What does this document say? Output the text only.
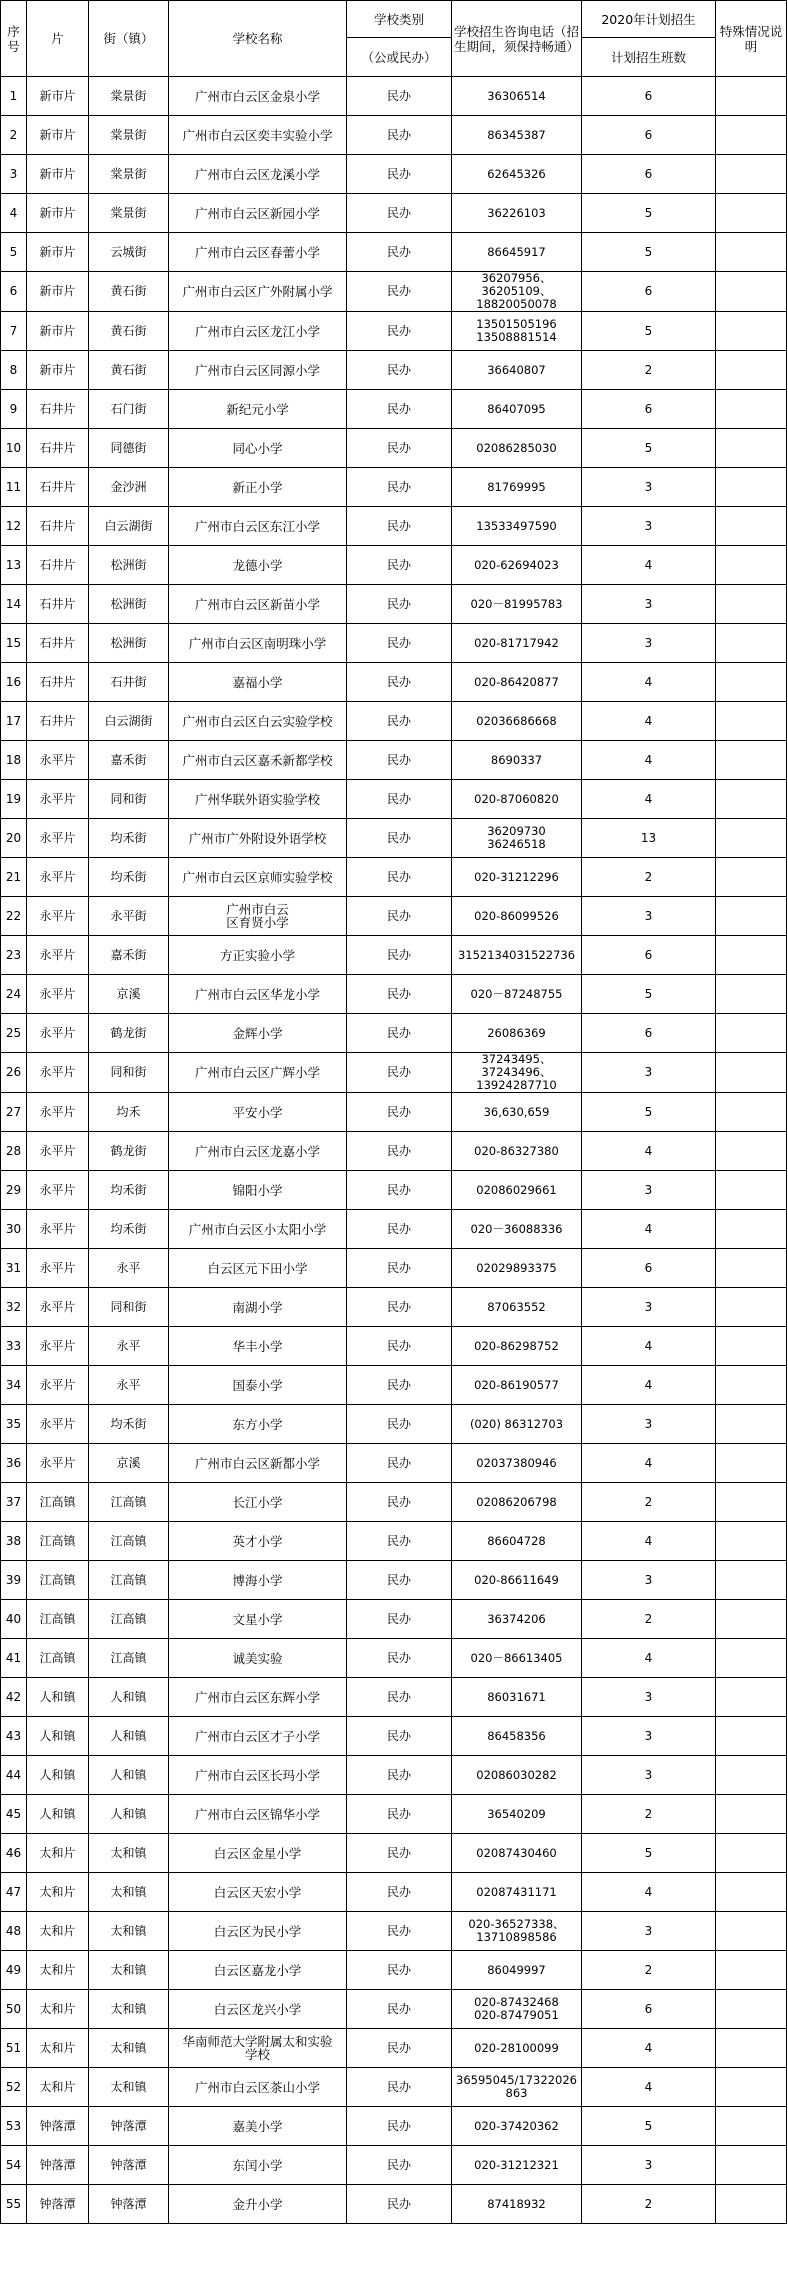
序号	片	街（镇）	学校名称	学校类别	学校招生咨询电话（招生期间，须保持畅通）	2020年计划招生	特殊情况说明
				（公或民办）		计划招生班数	
1	新市片	棠景街	广州市白云区金泉小学	民办	36306514	6	
2	新市片	棠景街	广州市白云区奕丰实验小学	民办	86345387	6	
3	新市片	棠景街	广州市白云区龙溪小学	民办	62645326	6	
4	新市片	棠景街	广州市白云区新园小学	民办	36226103	5	
5	新市片	云城街	广州市白云区春蕾小学	民办	86645917	5	
6	新市片	黄石街	广州市白云区广外附属小学	民办	36207956、
36205109、
18820050078	6	
7	新市片	黄石街	广州市白云区龙江小学	民办	13501505196
13508881514	5	
8	新市片	黄石街	广州市白云区同源小学	民办	36640807	2	
9	石井片	石门街	新纪元小学	民办	86407095	6	
10	石井片	同德街	同心小学	民办	02086285030	5	
11	石井片	金沙洲	新正小学	民办	81769995	3	
12	石井片	白云湖街	广州市白云区东江小学	民办	13533497590	3	
13	石井片	松洲街	龙德小学	民办	020-62694023	4	
14	石井片	松洲街	广州市白云区新苗小学	民办	020－81995783	3	
15	石井片	松洲街	广州市白云区南明珠小学	民办	020-81717942	3	
16	石井片	石井街	嘉福小学	民办	020-86420877	4	
17	石井片	白云湖街	广州市白云区白云实验学校	民办	02036686668	4	
18	永平片	嘉禾街	广州市白云区嘉禾新都学校	民办	8690337	4	
19	永平片	同和街	广州华联外语实验学校	民办	020-87060820	4	
20	永平片	均禾街	广州市广外附设外语学校	民办	36209730
36246518	13	
21	永平片	均禾街	广州市白云区京师实验学校	民办	020-31212296	2	
22	永平片	永平街	广州市白云
区育贤小学	民办	020-86099526	3	
23	永平片	嘉禾街	方正实验小学	民办	3152134031522736	6	
24	永平片	京溪	广州市白云区华龙小学	民办	020－87248755	5	
25	永平片	鹤龙街	金辉小学	民办	26086369	6	
26	永平片	同和街	广州市白云区广辉小学	民办	37243495、
37243496、
13924287710	3	
27	永平片	均禾	平安小学	民办	36,630,659	5	
28	永平片	鹤龙街	广州市白云区龙嘉小学	民办	020-86327380	4	
29	永平片	均禾街	锦阳小学	民办	02086029661	3	
30	永平片	均禾街	广州市白云区小太阳小学	民办	020－36088336	4	
31	永平片	永平	白云区元下田小学	民办	02029893375	6	
32	永平片	同和街	南湖小学	民办	87063552	3	
33	永平片	永平	华丰小学	民办	020-86298752	4	
34	永平片	永平	国泰小学	民办	020-86190577	4	
35	永平片	均禾街	东方小学	民办	(020) 86312703	3	
36	永平片	京溪	广州市白云区新都小学	民办	02037380946	4	
37	江高镇	江高镇	长江小学	民办	02086206798	2	
38	江高镇	江高镇	英才小学	民办	86604728	4	
39	江高镇	江高镇	博海小学	民办	020-86611649	3	
40	江高镇	江高镇	文星小学	民办	36374206	2	
41	江高镇	江高镇	诚美实验	民办	020－86613405	4	
42	人和镇	人和镇	广州市白云区东辉小学	民办	86031671	3	
43	人和镇	人和镇	广州市白云区才子小学	民办	86458356	3	
44	人和镇	人和镇	广州市白云区长玛小学	民办	02086030282	3	
45	人和镇	人和镇	广州市白云区锦华小学	民办	36540209	2	
46	太和片	太和镇	白云区金星小学	民办	02087430460	5	
47	太和片	太和镇	白云区天宏小学	民办	02087431171	4	
48	太和片	太和镇	白云区为民小学	民办	020-36527338、
13710898586	3	
49	太和片	太和镇	白云区嘉龙小学	民办	86049997	2	
50	太和片	太和镇	白云区龙兴小学	民办	020-87432468
020-87479051	6	
51	太和片	太和镇	华南师范大学附属太和实验
学校	民办	020-28100099	4	
52	太和片	太和镇	广州市白云区茶山小学	民办	36595045/17322026
863	4	
53	钟落潭	钟落潭	嘉美小学	民办	020-37420362	5	
54	钟落潭	钟落潭	东闰小学	民办	020-31212321	3	
55	钟落潭	钟落潭	金升小学	民办	87418932	2	
